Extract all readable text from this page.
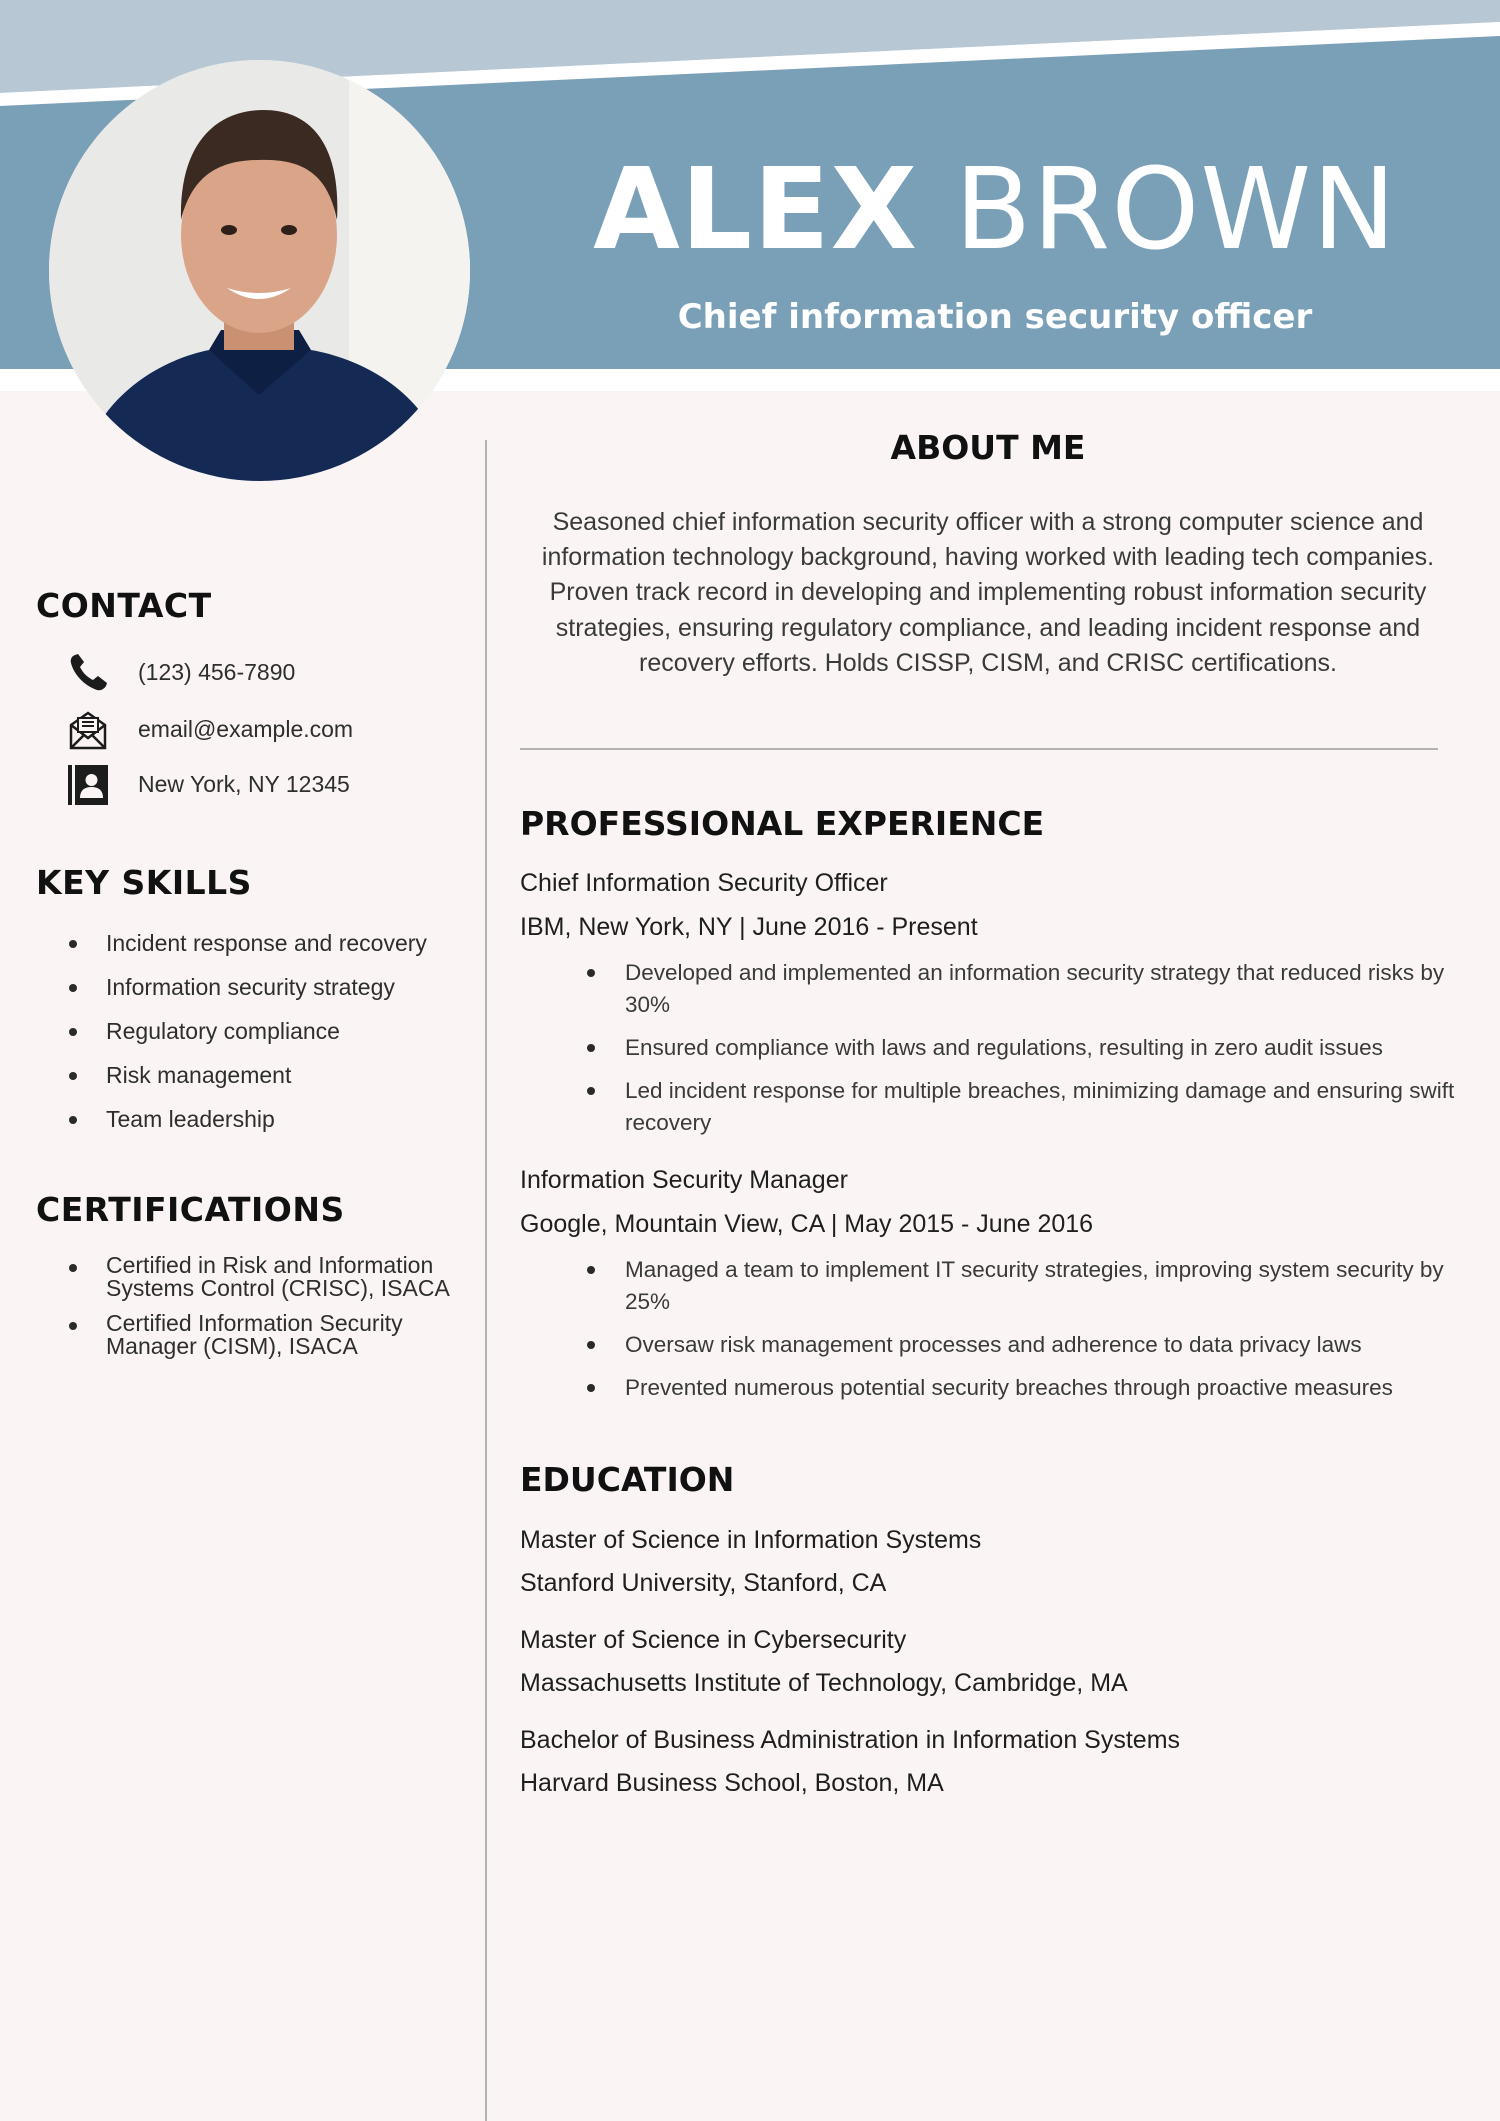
ALEX BROWN
Chief information security officer
CONTACT
(123) 456-7890
email@example.com
New York, NY 12345
KEY SKILLS
Incident response and recovery
Information security strategy
Regulatory compliance
Risk management
Team leadership
CERTIFICATIONS
Certified in Risk and Information Systems Control (CRISC), ISACA
Certified Information Security Manager (CISM), ISACA
ABOUT ME
Seasoned chief information security officer with a strong computer science and information technology background, having worked with leading tech companies. Proven track record in developing and implementing robust information security strategies, ensuring regulatory compliance, and leading incident response and recovery efforts. Holds CISSP, CISM, and CRISC certifications.
PROFESSIONAL EXPERIENCE
Chief Information Security Officer
IBM, New York, NY | June 2016 - Present
Developed and implemented an information security strategy that reduced risks by 30%
Ensured compliance with laws and regulations, resulting in zero audit issues
Led incident response for multiple breaches, minimizing damage and ensuring swift recovery
Information Security Manager
Google, Mountain View, CA | May 2015 - June 2016
Managed a team to implement IT security strategies, improving system security by 25%
Oversaw risk management processes and adherence to data privacy laws
Prevented numerous potential security breaches through proactive measures
EDUCATION
Master of Science in Information Systems
Stanford University, Stanford, CA
Master of Science in Cybersecurity
Massachusetts Institute of Technology, Cambridge, MA
Bachelor of Business Administration in Information Systems
Harvard Business School, Boston, MA
